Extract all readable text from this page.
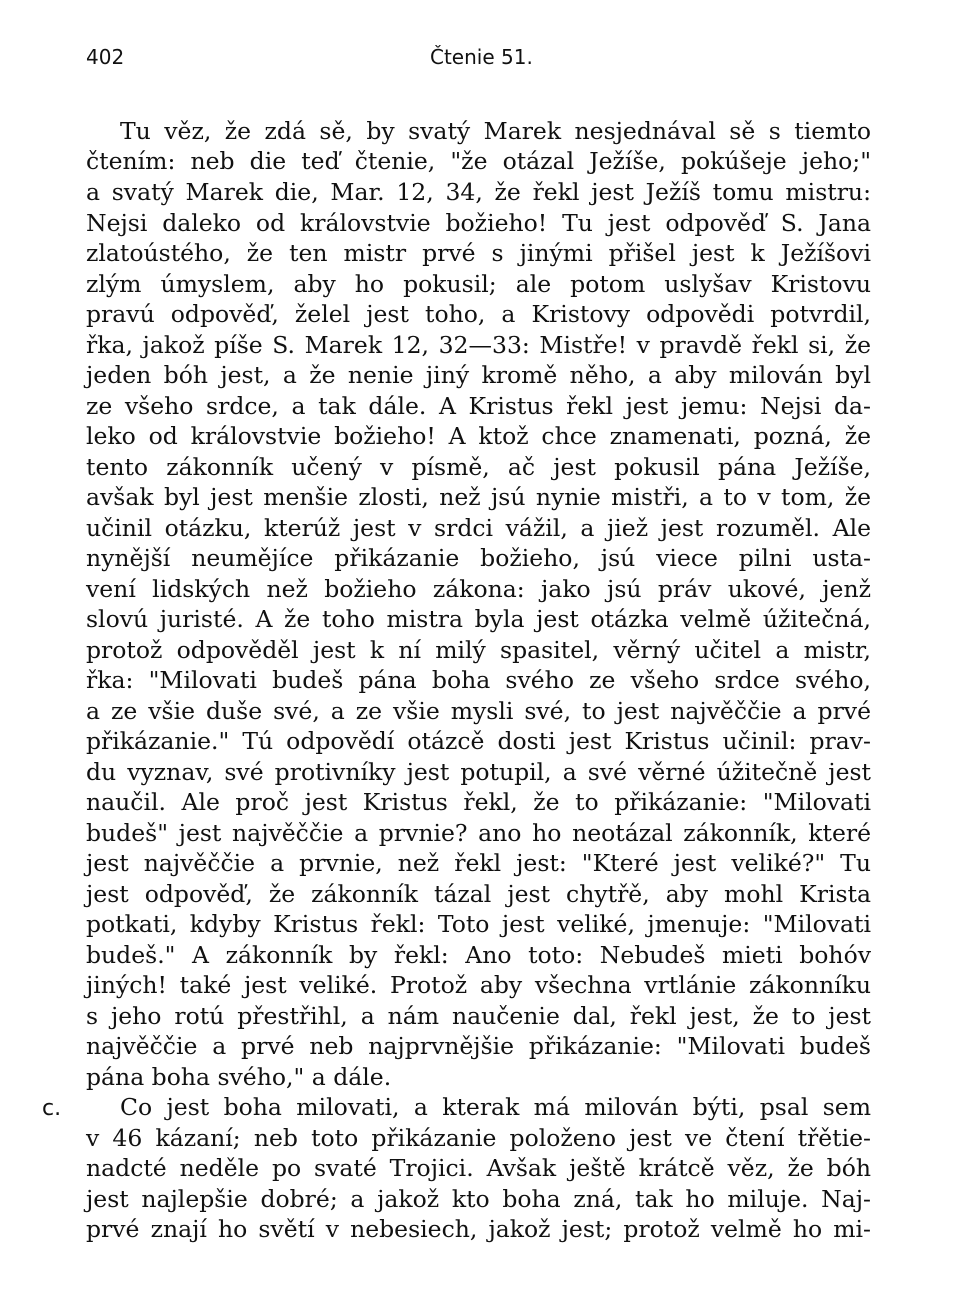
402	Čtenie 51.
Tu věz, že zdá sě, by svatý Marek nesjednával sě s tiemto
čtením: neb die teď čtenie, "že otázal Ježíše, pokúšeje jeho;"
a svatý Marek die, Mar. 12, 34, že řekl jest Ježíš tomu mistru:
Nejsi daleko od královstvie božieho! Tu jest odpověď S. Jana
zlatoústého, že ten mistr prvé s jinými přišel jest k Ježíšovi
zlým úmyslem, aby ho pokusil; ale potom uslyšav Kristovu
pravú odpověď, želel jest toho, a Kristovy odpovědi potvrdil,
řka, jakož píše S. Marek 12, 32—33: Mistře! v pravdě řekl si, že
jeden bóh jest, a že nenie jiný kromě něho, a aby milován byl
ze všeho srdce, a tak dále. A Kristus řekl jest jemu: Nejsi da-
leko od královstvie božieho! A ktož chce znamenati, pozná, že
tento zákonník učený v písmě, ač jest pokusil pána Ježíše,
avšak byl jest menšie zlosti, než jsú nynie mistři, a to v tom, že
učinil otázku, kterúž jest v srdci vážil, a jiež jest rozuměl. Ale
nynější neumějíce přikázanie božieho, jsú viece pilni usta-
vení lidských než božieho zákona: jako jsú práv ukové, jenž
slovú juristé. A že toho mistra byla jest otázka velmě úžitečná,
protož odpověděl jest k ní milý spasitel, věrný učitel a mistr,
řka: "Milovati budeš pána boha svého ze všeho srdce svého,
a ze všie duše své, a ze všie mysli své, to jest najvěččie a prvé
přikázanie." Tú odpovědí otázcě dosti jest Kristus učinil: prav-
du vyznav, své protivníky jest potupil, a své věrné úžitečně jest
naučil. Ale proč jest Kristus řekl, že to přikázanie: "Milovati
budeš" jest najvěččie a prvnie? ano ho neotázal zákonník, které
jest najvěččie a prvnie, než řekl jest: "Které jest veliké?" Tu
jest odpověď, že zákonník tázal jest chytřě, aby mohl Krista
potkati, kdyby Kristus řekl: Toto jest veliké, jmenuje: "Milovati
budeš." A zákonník by řekl: Ano toto: Nebudeš mieti bohóv
jiných! také jest veliké. Protož aby všechna vrtlánie zákonníku
s jeho rotú přestřihl, a nám naučenie dal, řekl jest, že to jest
najvěččie a prvé neb najprvnějšie přikázanie: "Milovati budeš
pána boha svého," a dále.
c.	Co jest boha milovati, a kterak má milován býti, psal sem
v 46 kázaní; neb toto přikázanie položeno jest ve čtení třětie-
nadcté neděle po svaté Trojici. Avšak ještě krátcě věz, že bóh
jest najlepšie dobré; a jakož kto boha zná, tak ho miluje. Naj-
prvé znají ho světí v nebesiech, jakož jest; protož velmě ho mi-
